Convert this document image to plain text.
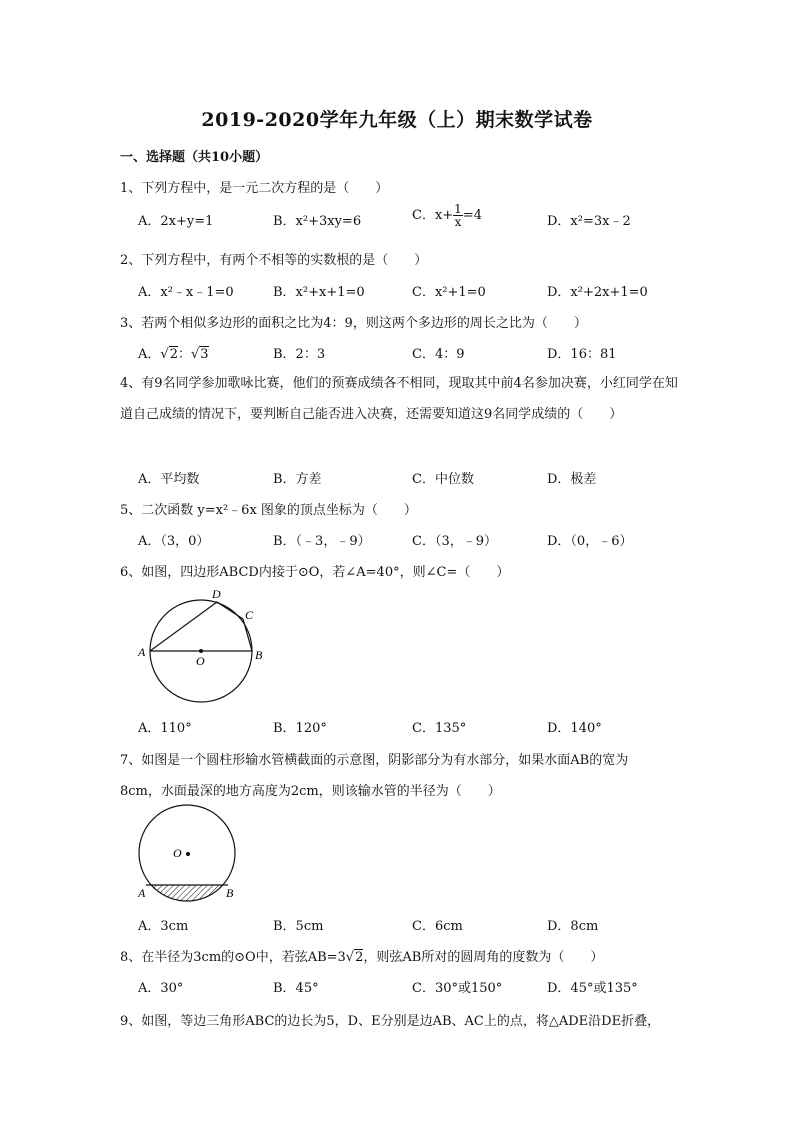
2019-2020学年九年级（上）期末数学试卷
一、选择题（共10小题）
1、下列方程中，是一元二次方程的是（　　）
A．2x+y=1	B．x²+3xy=6	C．$x+ \frac{1}{x} =4$	D．x²=3x﹣2
2、下列方程中，有两个不相等的实数根的是（　　）
A．x²﹣x﹣1=0	B．x²+x+1=0	C．x²+1=0	D．x²+2x+1=0
3、若两个相似多边形的面积之比为4：9，则这两个多边形的周长之比为（　　）
A．√2：√3	B．2：3	C．4：9	D．16：81
4、有9名同学参加歌咏比赛，他们的预赛成绩各不相同，现取其中前4名参加决赛，小红同学在知道自己成绩的情况下，要判断自己能否进入决赛，还需要知道这9名同学成绩的（　　）
A．平均数	B．方差	C．中位数	D．极差
5、二次函数 y=x²﹣6x 图象的顶点坐标为（　　）
A．（3，0）	B．（﹣3，﹣9）	C．（3，﹣9）	D．（0，﹣6）
6、如图，四边形ABCD内接于⊙O，若∠A=40°，则∠C=（　　）
A	B
C
D
O
A．110°	B．120°	C．135°	D．140°
7、如图是一个圆柱形输水管横截面的示意图，阴影部分为有水部分，如果水面AB的宽为
8cm，水面最深的地方高度为2cm，则该输水管的半径为（　　）
O
A	B
A．3cm	B．5cm	C．6cm	D．8cm
8、在半径为3cm的⊙O中，若弦AB=3√2，则弦AB所对的圆周角的度数为（　　）
A．30°	B．45°	C．30°或150°	D．45°或135°
9、如图，等边三角形ABC的边长为5，D、E分别是边AB、AC上的点，将△ADE沿DE折叠，
